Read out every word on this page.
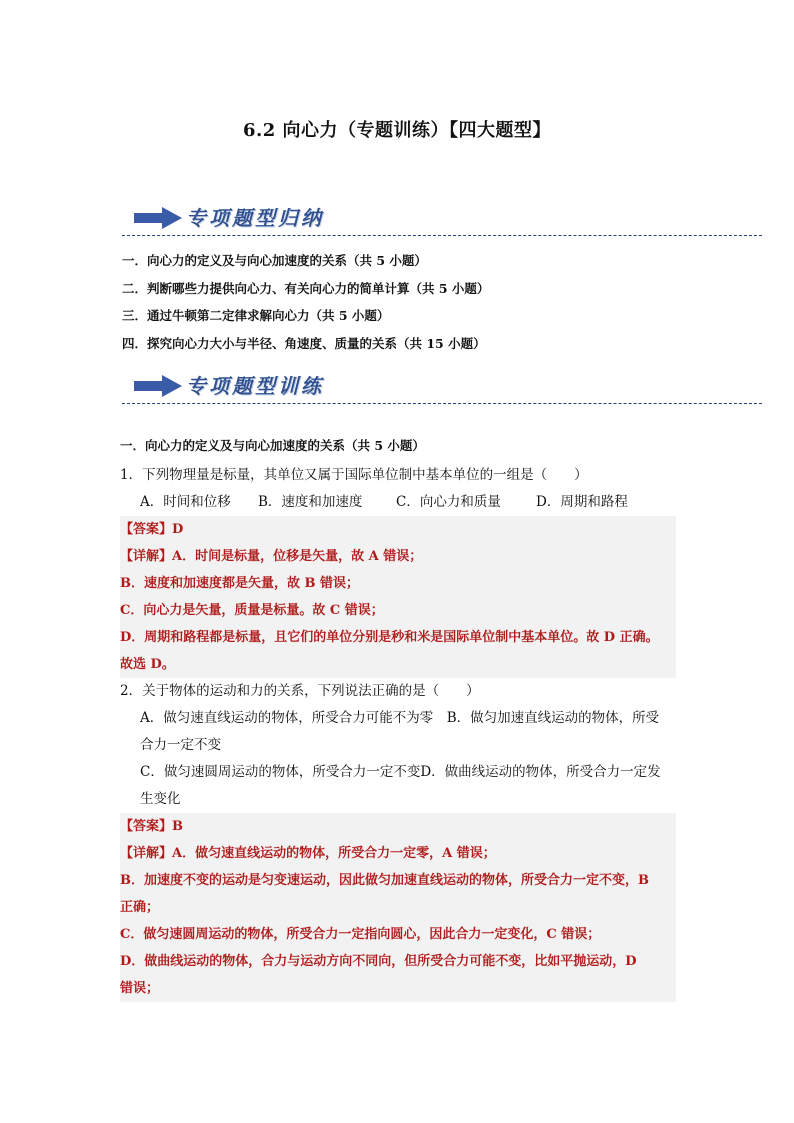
6.2 向心力（专题训练）【四大题型】
专项题型归纳
一．向心力的定义及与向心加速度的关系（共 5 小题）
二．判断哪些力提供向心力、有关向心力的简单计算（共 5 小题）
三．通过牛顿第二定律求解向心力（共 5 小题）
四．探究向心力大小与半径、角速度、质量的关系（共 15 小题）
专项题型训练
一．向心力的定义及与向心加速度的关系（共 5 小题）
1．下列物理量是标量，其单位又属于国际单位制中基本单位的一组是（　　）
A．时间和位移 B．速度和加速度 C．向心力和质量	D．周期和路程
【答案】D
【详解】A．时间是标量，位移是矢量，故 A 错误；
B．速度和加速度都是矢量，故 B 错误；
C．向心力是矢量，质量是标量。故 C 错误；
D．周期和路程都是标量，且它们的单位分别是秒和米是国际单位制中基本单位。故 D 正确。
故选 D。
2．关于物体的运动和力的关系，下列说法正确的是（　　）
A．做匀速直线运动的物体，所受合力可能不为零　B．做匀加速直线运动的物体，所受
合力一定不变
C．做匀速圆周运动的物体，所受合力一定不变D．做曲线运动的物体，所受合力一定发
生变化
【答案】B
【详解】A．做匀速直线运动的物体，所受合力一定零，A 错误；
B．加速度不变的运动是匀变速运动，因此做匀加速直线运动的物体，所受合力一定不变，B
正确；
C．做匀速圆周运动的物体，所受合力一定指向圆心，因此合力一定变化，C 错误；
D．做曲线运动的物体，合力与运动方向不同向，但所受合力可能不变，比如平抛运动，D
错误；
